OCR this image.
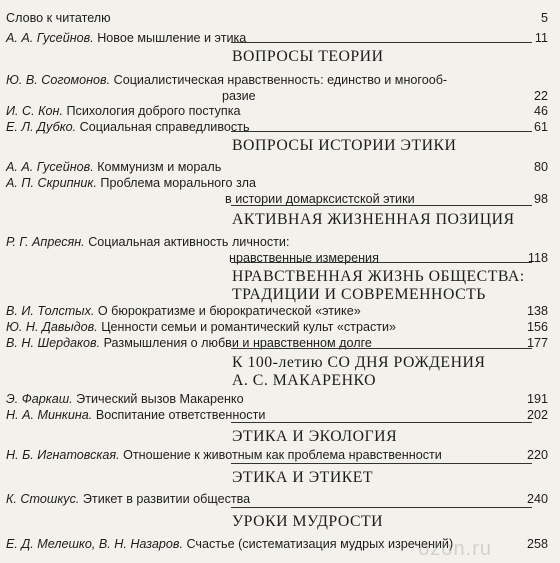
Слово к читателю	5
А. А. Гусейнов. Новое мышление и этика	11
ВОПРОСЫ ТЕОРИИ
Ю. В. Согомонов. Социалистическая нравственность: единство и многооб-
разие	22
И. С. Кон. Психология доброго поступка	46
Е. Л. Дубко. Социальная справедливость	61
ВОПРОСЫ ИСТОРИИ ЭТИКИ
А. А. Гусейнов. Коммунизм и мораль	80
А. П. Скрипник. Проблема морального зла
в истории домарксистской этики	98
АКТИВНАЯ ЖИЗНЕННАЯ ПОЗИЦИЯ
Р. Г. Апресян. Социальная активность личности:
нравственные измерения	118
НРАВСТВЕННАЯ ЖИЗНЬ ОБЩЕСТВА:
ТРАДИЦИИ И СОВРЕМЕННОСТЬ
В. И. Толстых. О бюрократизме и бюрократической «этике»	138
Ю. Н. Давыдов. Ценности семьи и романтический культ «страсти»	156
В. Н. Шердаков. Размышления о любви и нравственном долге	177
К 100-летию СО ДНЯ РОЖДЕНИЯ
А. С. МАКАРЕНКО
Э. Фаркаш. Этический вызов Макаренко	191
Н. А. Минкина. Воспитание ответственности	202
ЭТИКА И ЭКОЛОГИЯ
Н. Б. Игнатовская. Отношение к животным как проблема нравственности	220
ЭТИКА И ЭТИКЕТ
К. Стошкус. Этикет в развитии общества	240
УРОКИ МУДРОСТИ
Е. Д. Мелешко, В. Н. Назаров. Счастье (систематизация мудрых изречений)	258
ozon.ru
